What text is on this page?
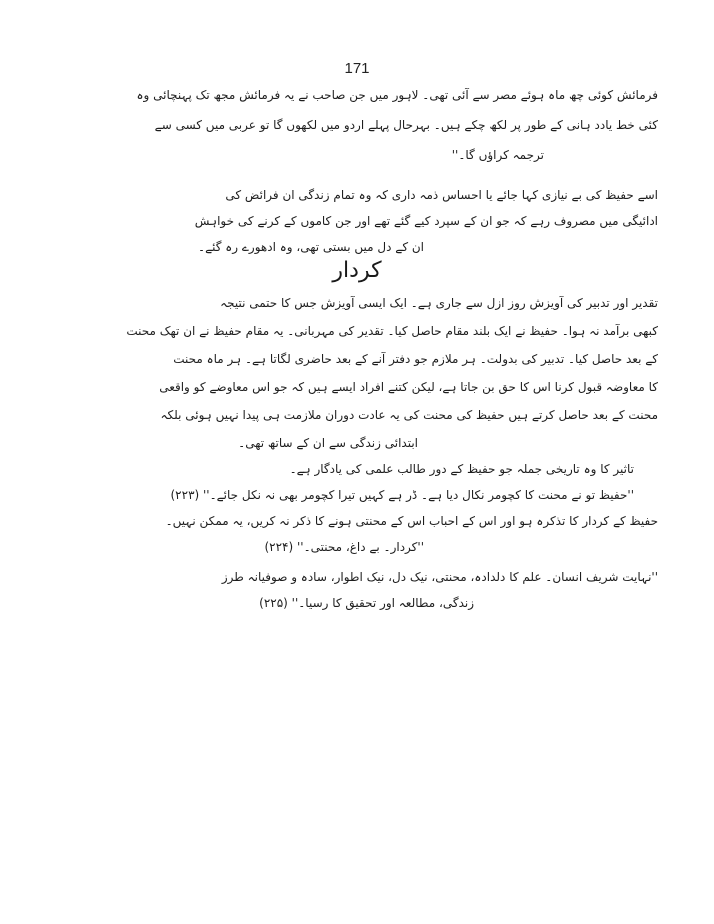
171
فرمائش کوئی چھ ماہ ہوئے مصر سے آئی تھی۔ لاہور میں جن صاحب نے یہ فرمائش مجھ تک پہنچائی وہ
کئی خط یادد ہانی کے طور پر لکھ چکے ہیں۔ بہرحال پہلے اردو میں لکھوں گا تو عربی میں کسی سے
ترجمہ کراؤں گا۔''
اسے حفیظ کی بے نیازی کہا جائے یا احساسِ ذمہ داری کہ وہ تمام زندگی ان فرائض کی
ادائیگی میں مصروف رہے کہ جو ان کے سپرد کیے گئے تھے اور جن کاموں کے کرنے کی خواہش
ان کے دل میں بستی تھی، وہ ادھورے رہ گئے۔
کردار
تقدیر اور تدبیر کی آویزش روزِ ازل سے جاری ہے۔ ایک ایسی آویزش جس کا حتمی نتیجہ
کبھی برآمد نہ ہوا۔ حفیظ نے ایک بلند مقام حاصل کیا۔ تقدیر کی مہربانی۔ یہ مقام حفیظ نے ان تھک محنت
کے بعد حاصل کیا۔ تدبیر کی بدولت۔ ہر ملازم جو دفتر آنے کے بعد حاضری لگاتا ہے۔ ہر ماہ محنت
کا معاوضہ قبول کرنا اس کا حق بن جاتا ہے، لیکن کتنے افراد ایسے ہیں کہ جو اس معاوضے کو واقعی
محنت کے بعد حاصل کرتے ہیں حفیظ کی محنت کی یہ عادت دورانِ ملازمت ہی پیدا نہیں ہوئی بلکہ
ابتدائی زندگی سے ان کے ساتھ تھی۔
تاثیر کا وہ تاریخی جملہ جو حفیظ کے دورِ طالب علمی کی یادگار ہے۔
''حفیظ تو نے محنت کا کچومر نکال دیا ہے۔ ڈر ہے کہیں تیرا کچومر بھی نہ نکل جائے۔'' (۲۲۳)
حفیظ کے کردار کا تذکرہ ہو اور اس کے احباب اس کے محنتی ہونے کا ذکر نہ کریں، یہ ممکن نہیں۔
''کردار۔ بے داغ، محنتی۔'' (۲۲۴)
''نہایت شریف انسان۔ علم کا دلدادہ، محنتی، نیک دل، نیک اطوار، سادہ و صوفیانہ طرزِ
زندگی، مطالعہ اور تحقیق کا رسیا۔'' (۲۲۵)
